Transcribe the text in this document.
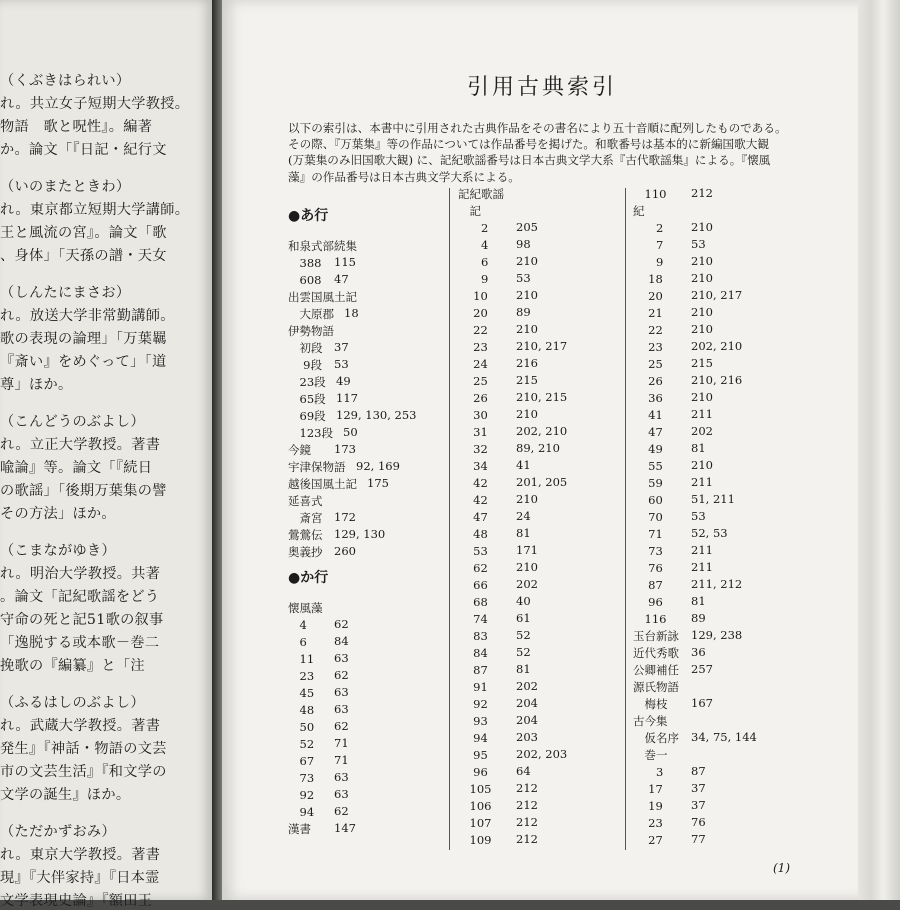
（くぶきはられい）
れ。共立女子短期大学教授。
物語　歌と呪性』。編著
か。論文「『日記・紀行文
（いのまたときわ）
れ。東京都立短期大学講師。
王と風流の宮』。論文「歌
、身体」「天孫の譜・天女
（しんたにまさお）
れ。放送大学非常勤講師。
歌の表現の論理」「万葉羈
『斎い』をめぐって」「道
尊」ほか。
（こんどうのぶよし）
れ。立正大学教授。著書
喩論』等。論文「『続日
の歌謡」「後期万葉集の譬
その方法」ほか。
（こまながゆき）
れ。明治大学教授。共著
。論文「記紀歌謡をどう
守命の死と記51歌の叙事
「逸脱する或本歌－巻二
挽歌の『編纂』と「注
（ふるはしのぶよし）
れ。武蔵大学教授。著書
発生』『神話・物語の文芸
市の文芸生活』『和文学の
文学の誕生』ほか。
（ただかずおみ）
れ。東京大学教授。著書
現』『大伴家持』『日本霊
文学表現史論』『額田王
引用古典索引
以下の索引は、本書中に引用された古典作品をその書名により五十音順に配列したものである。
その際、『万葉集』等の作品については作品番号を掲げた。和歌番号は基本的に新編国歌大観
(万葉集のみ旧国歌大観) に、記紀歌謡番号は日本古典文学大系『古代歌謡集』による。『懐風
藻』の作品番号は日本古典文学大系による。
●あ行
和泉式部続集
　388 115
　608 47
出雲国風土記
　大原郡 18
伊勢物語
　初段 37
　 9段 53
　23段 49
　65段 117
　69段 129, 130, 253
　123段 50
今鏡 173
宇津保物語 92, 169
越後国風土記 175
延喜式
　斎宮 172
鶯鶯伝 129, 130
奥義抄 260
●か行
懐風藻
　4 62
　6 84
　11 63
　23 62
　45 63
　48 63
　50 62
　52 71
　67 71
　73 63
　92 63
　94 62
漢書 147
記紀歌謡
　記
　　2 205
　　4 98
　　6 210
　　9 53
　 10 210
　 20 89
　 22 210
　 23 210, 217
　 24 216
　 25 215
　 26 210, 215
　 30 210
　 31 202, 210
　 32 89, 210
　 34 41
　 42 201, 205
　 42 210
　 47 24
　 48 81
　 53 171
　 62 210
　 66 202
　 68 40
　 74 61
　 83 52
　 84 52
　 87 81
　 91 202
　 92 204
　 93 204
　 94 203
　 95 202, 203
　 96 64
　105 212
　106 212
　107 212
　109 212
　110 212
紀
　　2 210
　　7 53
　　9 210
　 18 210
　 20 210, 217
　 21 210
　 22 210
　 23 202, 210
　 25 215
　 26 210, 216
　 36 210
　 41 211
　 47 202
　 49 81
　 55 210
　 59 211
　 60 51, 211
　 70 53
　 71 52, 53
　 73 211
　 76 211
　 87 211, 212
　 96 81
　116 89
玉台新詠 129, 238
近代秀歌 36
公卿補任 257
源氏物語
　梅枝 167
古今集
　仮名序 34, 75, 144
　巻一
　　3 87
　 17 37
　 19 37
　 23 76
　 27 77
(1)
